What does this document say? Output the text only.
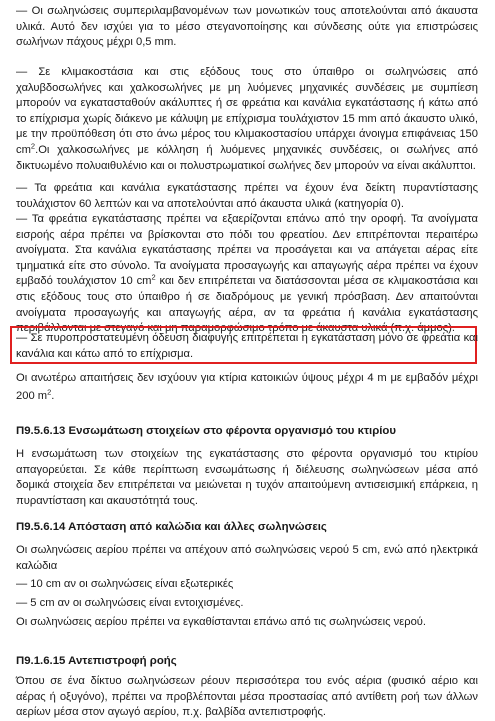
— Οι σωληνώσεις συμπεριλαμβανομένων των μονωτικών τους αποτελούνται από άκαυστα υλικά. Αυτό δεν ισχύει για το μέσο στεγανοποίησης και σύνδεσης ούτε για επιστρώσεις σωλήνων πάχους μέχρι 0,5 mm.

— Σε κλιμακοστάσια και στις εξόδους τους στο ύπαιθρο οι σωληνώσεις από χαλυβδοσωλήνες και χαλκοσωλήνες με μη λυόμενες μηχανικές συνδέσεις με συμπίεση μπορούν να εγκατασταθούν ακάλυπτες ή σε φρεάτια και κανάλια εγκατάστασης ή κάτω από το επίχρισμα χωρίς διάκενο με κάλυψη με επίχρισμα τουλάχιστον 15 mm από άκαυστο υλικό, με την προϋπόθεση ότι στο άνω μέρος του κλιμακοστασίου υπάρχει άνοιγμα επιφάνειας 150 $cm^2.O\iota$ χαλκοσωλήνες με κόλληση ή λυόμενες μηχανικές συνδέσεις, οι σωλήνες από δικτυωμένο πολυαιθυλένιο και οι πολυστρωματικοί σωλήνες δεν μπορούν να είναι ακάλυπτοι.

— Τα φρεάτια και κανάλια εγκατάστασης πρέπει να έχουν ένα δείκτη πυραντίστασης τουλάχιστον 60 λεπτών και να αποτελούνται από άκαυστα υλικά (κατηγορία 0).

— Τα φρεάτια εγκατάστασης πρέπει να εξαερίζονται επάνω από την οροφή. Τα ανοίγματα εισροής αέρα πρέπει να βρίσκονται στο πόδι του φρεατίου. Δεν επιτρέπονται περαιτέρω ανοίγματα. Στα κανάλια εγκατάστασης πρέπει να προσάγεται και να απάγεται αέρας είτε τμηματικά είτε στο σύνολο. Τα ανοίγματα προσαγωγής και απαγωγής αέρα πρέπει να έχουν εμβαδό τουλάχιστον 10 $cm^2$ και δεν επιτρέπεται να διατάσσονται μέσα σε κλιμακοστάσια και στις εξόδους τους στο ύπαιθρο ή σε διαδρόμους με γενική πρόσβαση. Δεν απαιτούνται ανοίγματα προσαγωγής και απαγωγής αέρα, αν τα φρεάτια ή κανάλια εγκατάστασης περιβάλλονται με στεγανό και μη παραμορφώσιμο τρόπο με άκαυστα υλικά (π.χ. άμμος).

— Σε πυροπροστατευμένη όδευση διαφυγής επιτρέπεται η εγκατάσταση μόνο σε φρεάτια και κανάλια και κάτω από το επίχρισμα.

Οι ανωτέρω απαιτήσεις δεν ισχύουν για κτίρια κατοικιών ύψους μέχρι 4 m με εμβαδόν μέχρι 200 $m^2$.

Π9.5.6.13 Ενσωμάτωση στοιχείων στο φέροντα οργανισμό του κτιρίου

Η ενσωμάτωση των στοιχείων της εγκατάστασης στο φέροντα οργανισμό του κτιρίου απαγορεύεται. Σε κάθε περίπτωση ενσωμάτωσης ή διέλευσης σωληνώσεων μέσα από δομικά στοιχεία δεν επιτρέπεται να μειώνεται η τυχόν απαιτούμενη αντισεισμική επάρκεια, η πυραντίσταση και ακαυστότητά τους.

Π9.5.6.14 Απόσταση από καλώδια και άλλες σωληνώσεις

Οι σωληνώσεις αερίου πρέπει να απέχουν από σωληνώσεις νερού 5 cm, ενώ από ηλεκτρικά καλώδια

— 10 cm αν οι σωληνώσεις είναι εξωτερικές

— 5 cm αν οι σωληνώσεις είναι εντοιχισμένες.

Οι σωληνώσεις αερίου πρέπει να εγκαθίστανται επάνω από τις σωληνώσεις νερού.

Π9.1.6.15 Αντεπιστροφή ροής

Όπου σε ένα δίκτυο σωληνώσεων ρέουν περισσότερα του ενός αέρια (φυσικό αέριο και αέρας ή οξυγόνο), πρέπει να προβλέπονται μέσα προστασίας από αντίθετη ροή των άλλων αερίων μέσα στον αγωγό αερίου, π.χ. βαλβίδα αντεπιστροφής.
